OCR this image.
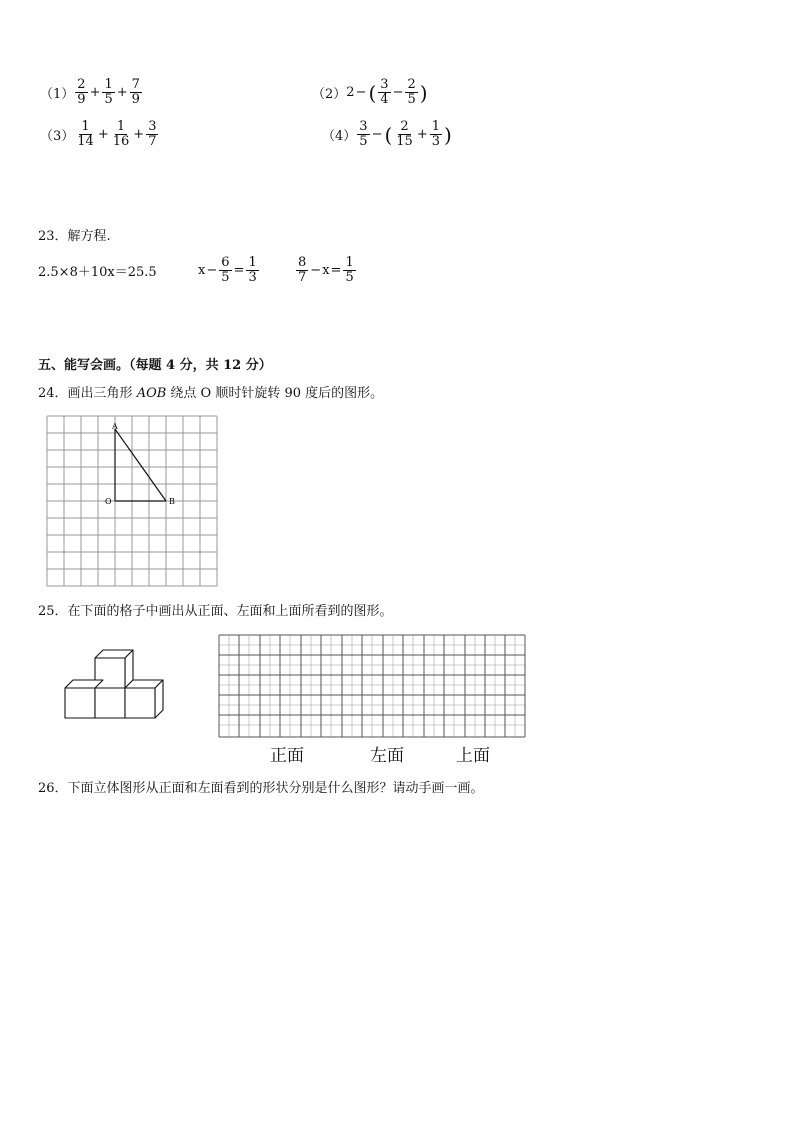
$(1) \frac{2}{9} + \frac{1}{5} + \frac{7}{9}$	（2） 2 − ( $\frac{3}{4} - \frac{2}{5}$ )
$(3) \frac{1}{14} + \frac{1}{16} + \frac{3}{7}$	$(4) \frac{3}{5}$ − ( $\frac{2}{15} + \frac{1}{3}$ )
23．解方程.
2.5×8＋10x＝25.5	$x - \frac{6}{5} = \frac{1}{3}$	$\frac{8}{7} - x = \frac{1}{5}$
五、能写会画。（每题 4 分，共 12 分）
24．画出三角形 AOB 绕点 O 顺时针旋转 90 度后的图形。
A
O	B
25．在下面的格子中画出从正面、左面和上面所看到的图形。
正面	左面	上面
26．下面立体图形从正面和左面看到的形状分别是什么图形？请动手画一画。
